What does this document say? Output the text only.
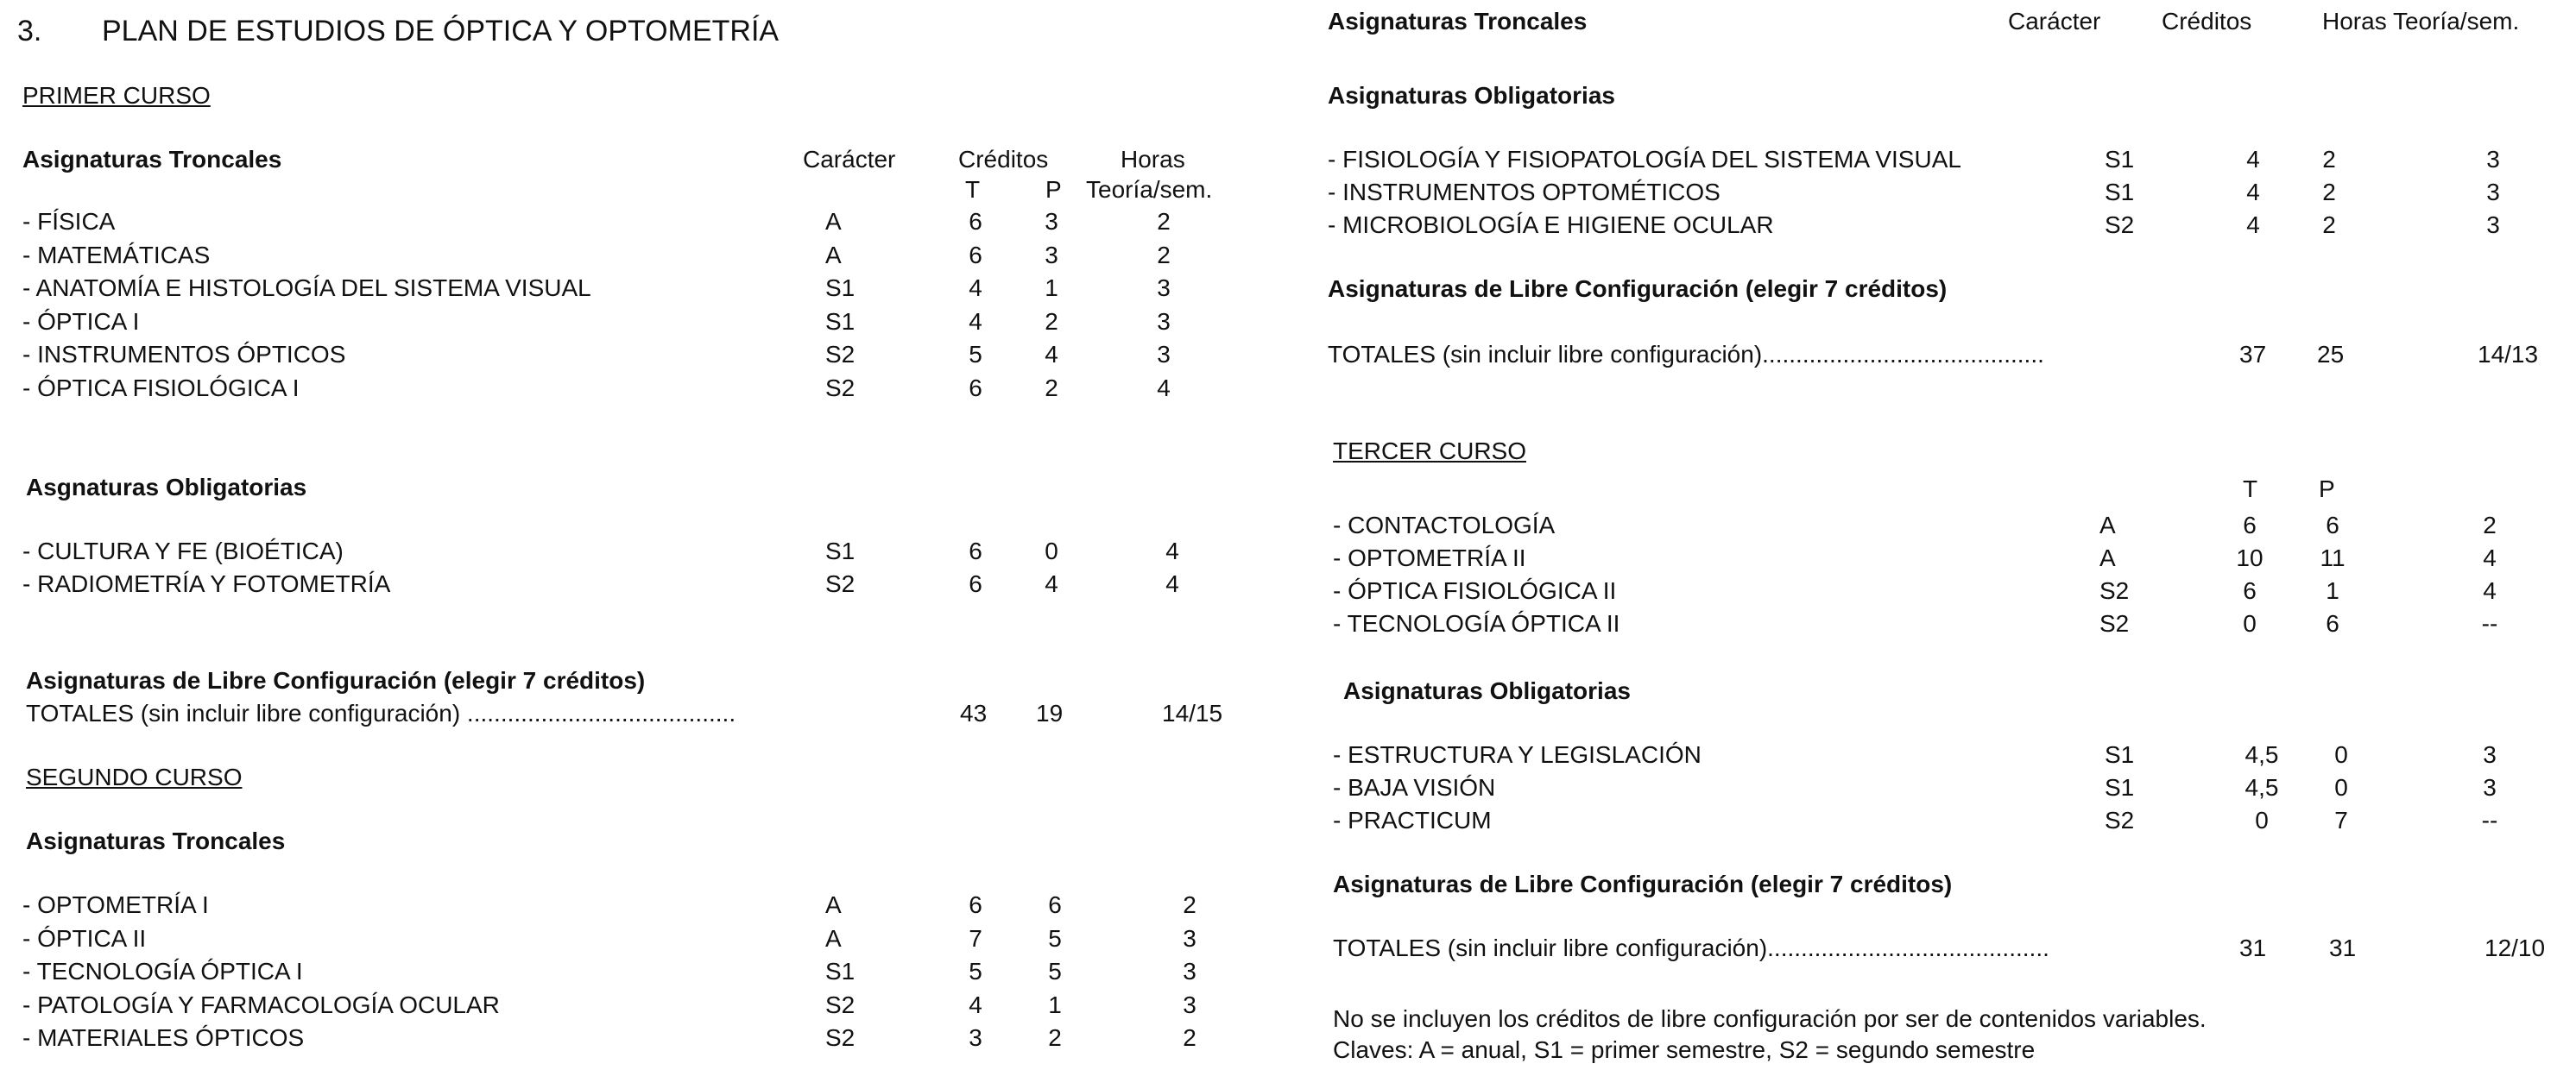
3. PLAN DE ESTUDIOS DE ÓPTICA Y OPTOMETRÍA
PRIMER CURSO
Asignaturas Troncales	Carácter	Créditos	Horas
T	P Teoría/sem.
- FÍSICA	A	6	3	2
- MATEMÁTICAS	A	6	3	2
- ANATOMÍA E HISTOLOGÍA DEL SISTEMA VISUAL	S1	4	1	3
- ÓPTICA I	S1	4	2	3
- INSTRUMENTOS ÓPTICOS	S2	5	4	3
- ÓPTICA FISIOLÓGICA I	S2	6	2	4
Asgnaturas Obligatorias
- CULTURA Y FE (BIOÉTICA)	S1	6	0	4
- RADIOMETRÍA Y FOTOMETRÍA	S2	6	4	4
Asignaturas de Libre Configuración (elegir 7 créditos)
TOTALES (sin incluir libre configuración) ........................................	43 19	14/15
SEGUNDO CURSO
Asignaturas Troncales
- OPTOMETRÍA I	A	6	6	2
- ÓPTICA II	A	7	5	3
- TECNOLOGÍA ÓPTICA I	S1	5	5	3
- PATOLOGÍA Y FARMACOLOGÍA OCULAR	S2	4	1	3
- MATERIALES ÓPTICOS	S2	3	2	2
Asignaturas Troncales	Carácter	Créditos	Horas Teoría/sem.
Asignaturas Obligatorias
- FISIOLOGÍA Y FISIOPATOLOGÍA DEL SISTEMA VISUAL	S1	4	2	3
- INSTRUMENTOS OPTOMÉTICOS	S1	4	2	3
- MICROBIOLOGÍA E HIGIENE OCULAR	S2	4	2	3
Asignaturas de Libre Configuración (elegir 7 créditos)
TOTALES (sin incluir libre configuración)..........................................	37 25	14/13
TERCER CURSO
T	P
- CONTACTOLOGÍA	A	6	6	2
- OPTOMETRÍA II	A	10	11	4
- ÓPTICA FISIOLÓGICA II	S2	6	1	4
- TECNOLOGÍA ÓPTICA II	S2	0	6	--
Asignaturas Obligatorias
- ESTRUCTURA Y LEGISLACIÓN	S1	4,5	0	3
- BAJA VISIÓN	S1	4,5	0	3
- PRACTICUM	S2	0	7	--
Asignaturas de Libre Configuración (elegir 7 créditos)
TOTALES (sin incluir libre configuración)..........................................	31	31	12/10
No se incluyen los créditos de libre configuración por ser de contenidos variables.
Claves: A = anual, S1 = primer semestre, S2 = segundo semestre
